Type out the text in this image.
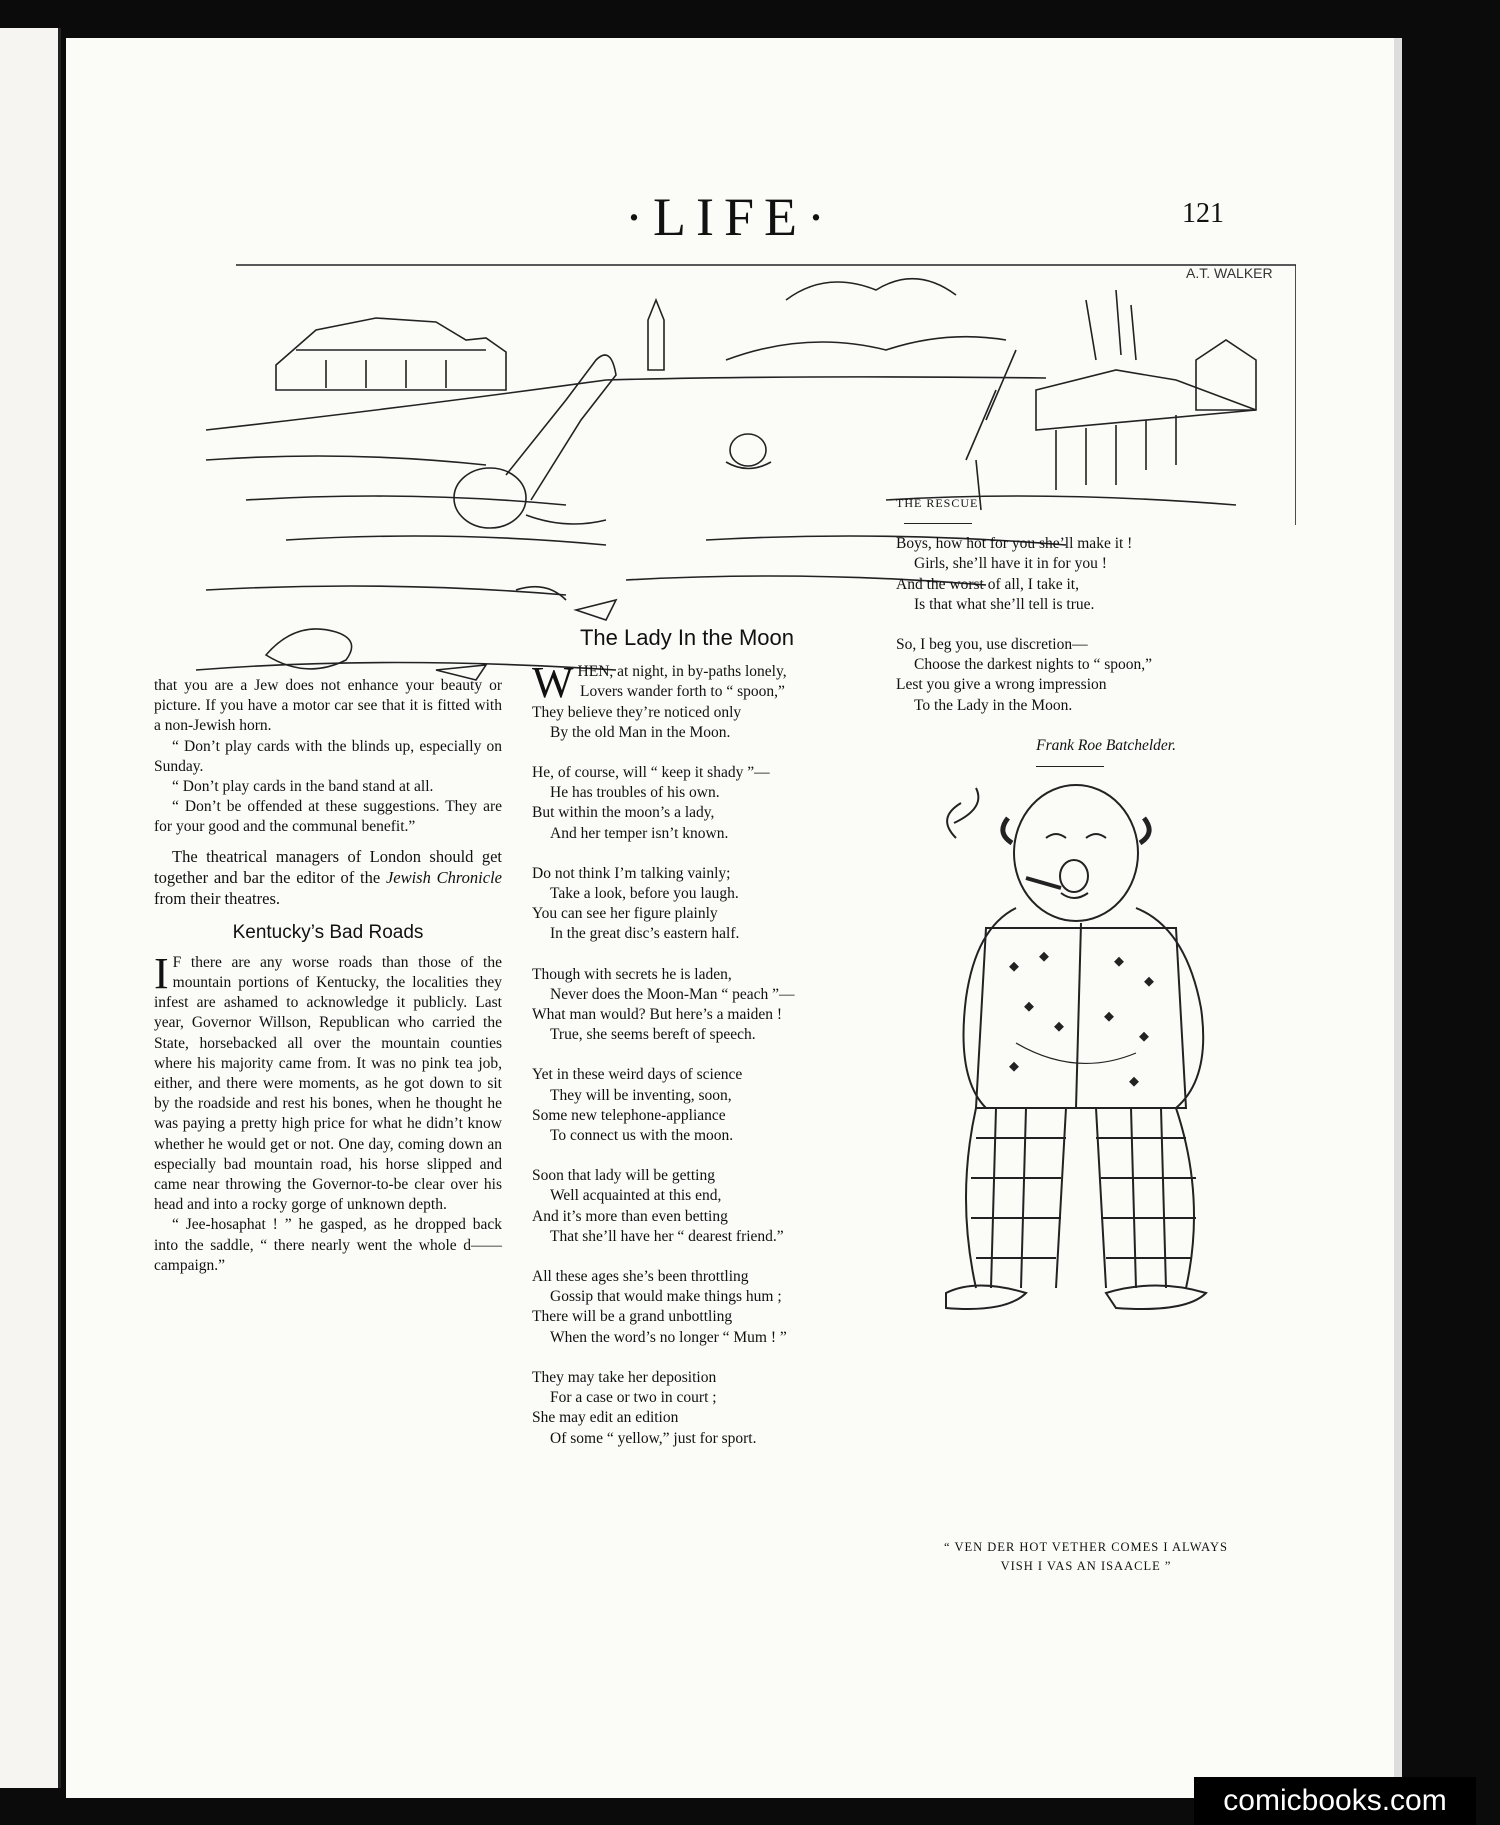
·LIFE·	121
A.T. WALKER

that you are a Jew does not enhance your beauty or picture. If you have a motor car see that it is fitted with a non-Jewish horn.

“ Don’t play cards with the blinds up, especially on Sunday.

“ Don’t play cards in the band stand at all.

“ Don’t be offended at these suggestions. They are for your good and the communal benefit.”

The theatrical managers of London should get together and bar the editor of the Jewish Chronicle from their theatres.

Kentucky’s Bad Roads

I F there are any worse roads than those of the mountain portions of Kentucky, the localities they infest are ashamed to acknowledge it publicly. Last year, Governor Willson, Republican who carried the State, horsebacked all over the mountain counties where his majority came from. It was no pink tea job, either, and there were moments, as he got down to sit by the roadside and rest his bones, when he thought he was paying a pretty high price for what he didn’t know whether he would get or not. One day, coming down an especially bad mountain road, his horse slipped and came near throwing the Governor-to-be clear over his head and into a rocky gorge of unknown depth.

“ Jee-hosaphat ! ” he gasped, as he dropped back into the saddle, “ there nearly went the whole d—— campaign.”

The Lady In the Moon
WHEN, at night, in by-paths lonely,
Lovers wander forth to “ spoon,”
They believe they’re noticed only
By the old Man in the Moon.
He, of course, will “ keep it shady ”—
He has troubles of his own.
But within the moon’s a lady,
And her temper isn’t known.
Do not think I’m talking vainly;
Take a look, before you laugh.
You can see her figure plainly
In the great disc’s eastern half.
Though with secrets he is laden,
Never does the Moon-Man “ peach ”—
What man would? But here’s a maiden !
True, she seems bereft of speech.
Yet in these weird days of science
They will be inventing, soon,
Some new telephone-appliance
To connect us with the moon.
Soon that lady will be getting
Well acquainted at this end,
And it’s more than even betting
That she’ll have her “ dearest friend.”
All these ages she’s been throttling
Gossip that would make things hum ;
There will be a grand unbottling
When the word’s no longer “ Mum ! ”
They may take her deposition
For a case or two in court ;
She may edit an edition
Of some “ yellow,” just for sport.
THE RESCUE
Boys, how hot for you she’ll make it !
Girls, she’ll have it in for you !
And the worst of all, I take it,
Is that what she’ll tell is true.
So, I beg you, use discretion—
Choose the darkest nights to “ spoon,”
Lest you give a wrong impression
To the Lady in the Moon.
Frank Roe Batchelder.
“ VEN DER HOT VETHER COMES I ALWAYS
VISH I VAS AN ISAACLE ”
comicbooks.com
